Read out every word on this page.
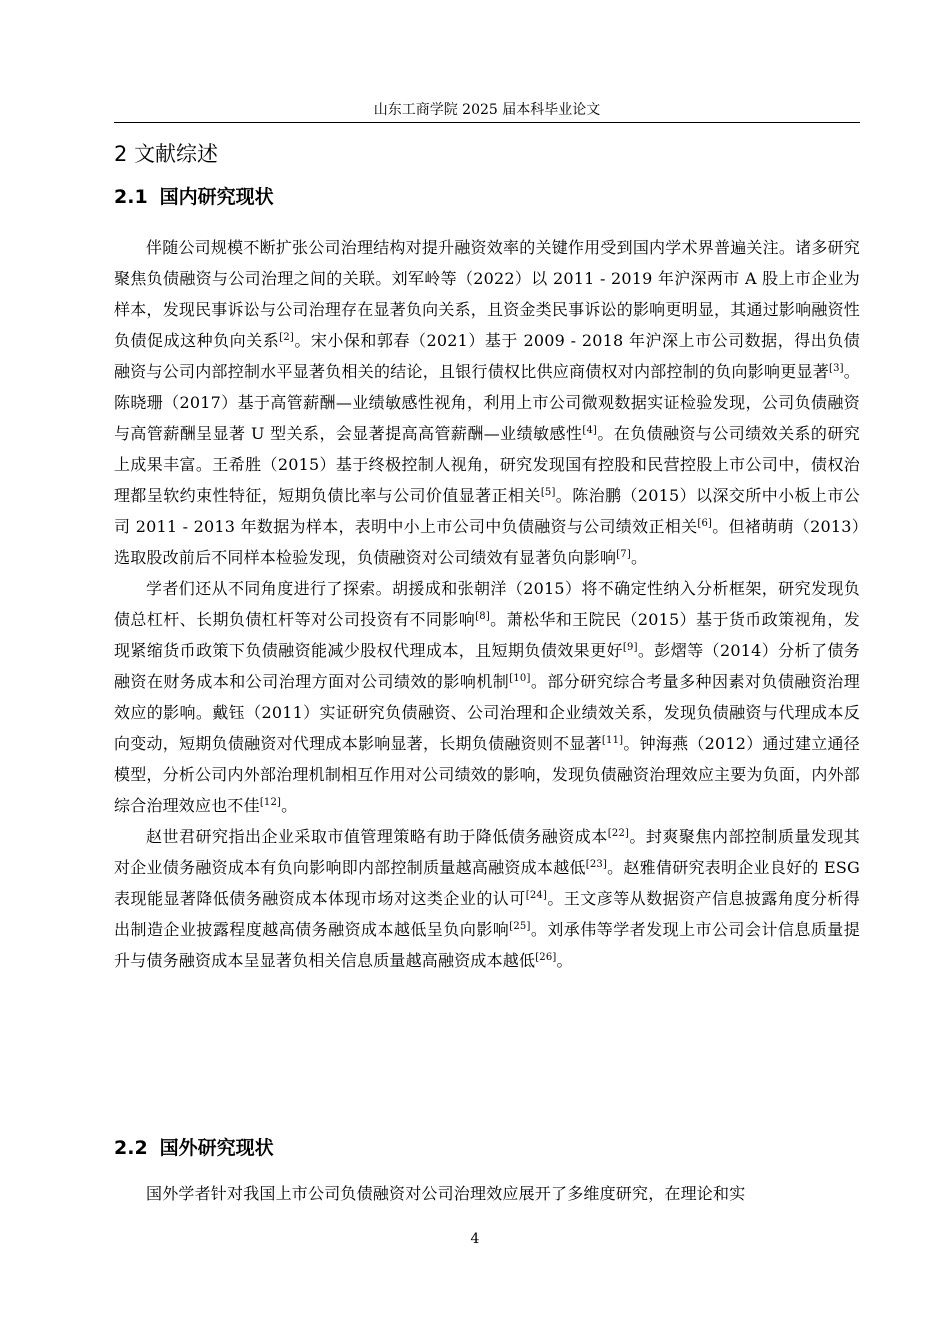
山东工商学院 2025 届本科毕业论文
2 文献综述
2.1 国内研究现状

伴随公司规模不断扩张公司治理结构对提升融资效率的关键作用受到国内学术界普遍关注。诸多研究聚焦负债融资与公司治理之间的关联。刘军岭等（2022）以 2011 - 2019 年沪深两市 A 股上市企业为样本，发现民事诉讼与公司治理存在显著负向关系，且资金类民事诉讼的影响更明显，其通过影响融资性负债促成这种负向关系[2]。宋小保和郭春（2021）基于 2009 - 2018 年沪深上市公司数据，得出负债融资与公司内部控制水平显著负相关的结论，且银行债权比供应商债权对内部控制的负向影响更显著[3]。陈晓珊（2017）基于高管薪酬—业绩敏感性视角，利用上市公司微观数据实证检验发现，公司负债融资与高管薪酬呈显著 U 型关系，会显著提高高管薪酬—业绩敏感性[4]。在负债融资与公司绩效关系的研究上成果丰富。王希胜（2015）基于终极控制人视角，研究发现国有控股和民营控股上市公司中，债权治理都呈软约束性特征，短期负债比率与公司价值显著正相关[5]。陈治鹏（2015）以深交所中小板上市公司 2011 - 2013 年数据为样本，表明中小上市公司中负债融资与公司绩效正相关[6]。但褚萌萌（2013）选取股改前后不同样本检验发现，负债融资对公司绩效有显著负向影响[7]。

学者们还从不同角度进行了探索。胡援成和张朝洋（2015）将不确定性纳入分析框架，研究发现负债总杠杆、长期负债杠杆等对公司投资有不同影响[8]。萧松华和王院民（2015）基于货币政策视角，发现紧缩货币政策下负债融资能减少股权代理成本，且短期负债效果更好[9]。彭熠等（2014）分析了债务融资在财务成本和公司治理方面对公司绩效的影响机制[10]。部分研究综合考量多种因素对负债融资治理效应的影响。戴钰（2011）实证研究负债融资、公司治理和企业绩效关系，发现负债融资与代理成本反向变动，短期负债融资对代理成本影响显著，长期负债融资则不显著[11]。钟海燕（2012）通过建立通径模型，分析公司内外部治理机制相互作用对公司绩效的影响，发现负债融资治理效应主要为负面，内外部综合治理效应也不佳[12]。

赵世君研究指出企业采取市值管理策略有助于降低债务融资成本[22]。封爽聚焦内部控制质量发现其对企业债务融资成本有负向影响即内部控制质量越高融资成本越低[23]。赵雅倩研究表明企业良好的 ESG 表现能显著降低债务融资成本体现市场对这类企业的认可[24]。王文彦等从数据资产信息披露角度分析得出制造企业披露程度越高债务融资成本越低呈负向影响[25]。刘承伟等学者发现上市公司会计信息质量提升与债务融资成本呈显著负相关信息质量越高融资成本越低[26]。

2.2 国外研究现状

国外学者针对我国上市公司负债融资对公司治理效应展开了多维度研究，在理论和实

4
